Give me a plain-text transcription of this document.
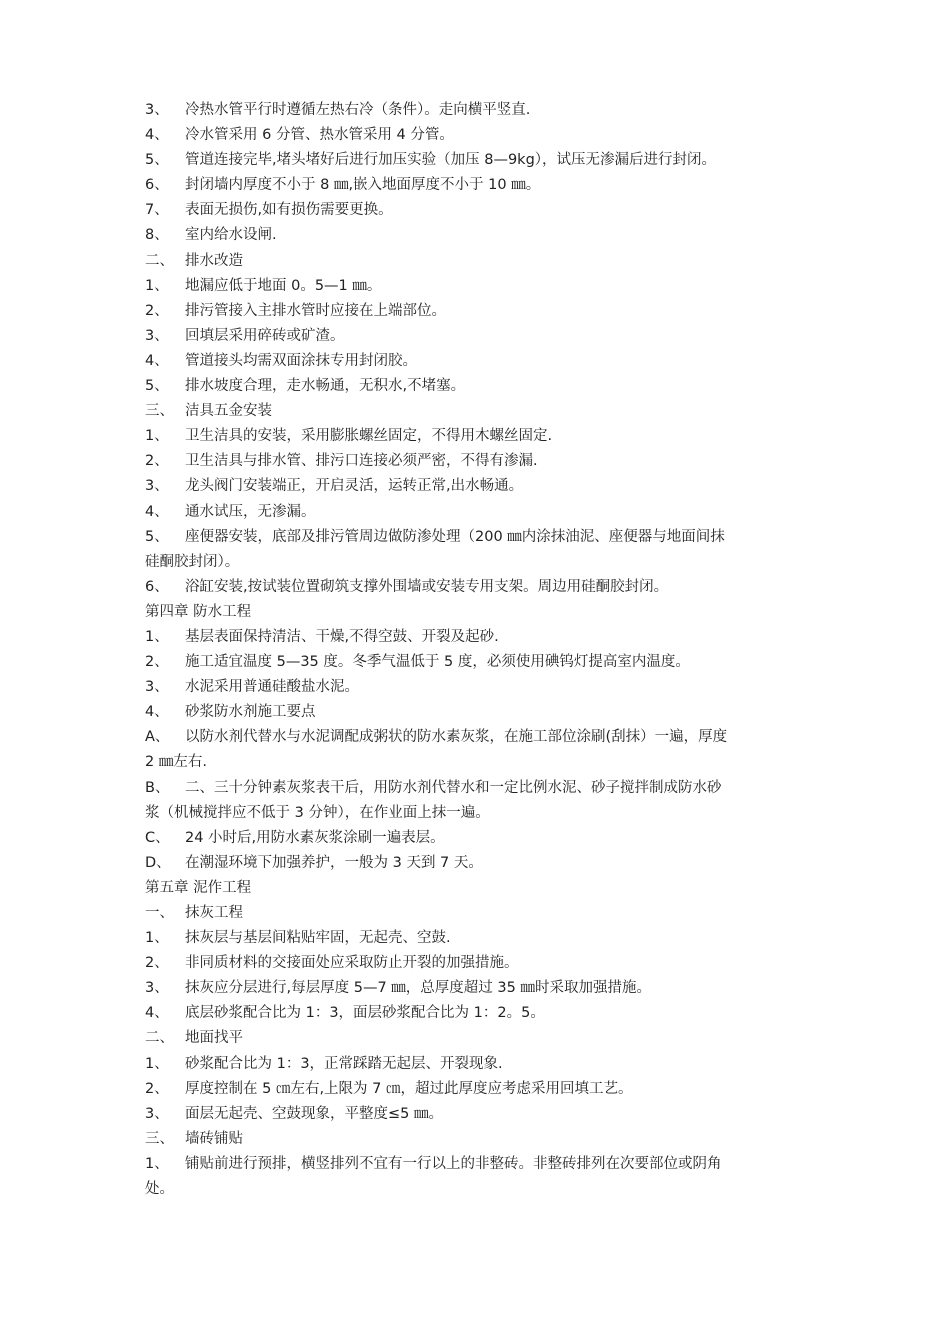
3、	冷热水管平行时遵循左热右冷（条件）。走向横平竖直.
4、	冷水管采用 6 分管、热水管采用 4 分管。
5、	管道连接完毕,堵头堵好后进行加压实验（加压 8—9kg），试压无渗漏后进行封闭。
6、	封闭墙内厚度不小于 8 ㎜,嵌入地面厚度不小于 10 ㎜。
7、	表面无损伤,如有损伤需要更换。
8、	室内给水设闸.
二、 排水改造
1、	地漏应低于地面 0。5—1 ㎜。
2、	排污管接入主排水管时应接在上端部位。
3、	回填层采用碎砖或矿渣。
4、	管道接头均需双面涂抹专用封闭胶。
5、	排水坡度合理，走水畅通，无积水,不堵塞。
三、 洁具五金安装
1、	卫生洁具的安装，采用膨胀螺丝固定，不得用木螺丝固定.
2、	卫生洁具与排水管、排污口连接必须严密，不得有渗漏.
3、	龙头阀门安装端正，开启灵活，运转正常,出水畅通。
4、	通水试压，无渗漏。
5、	座便器安装，底部及排污管周边做防渗处理（200 ㎜内涂抹油泥、座便器与地面间抹
硅酮胶封闭）。
6、	浴缸安装,按试装位置砌筑支撑外围墙或安装专用支架。周边用硅酮胶封闭。
第四章 防水工程
1、	基层表面保持清洁、干燥,不得空鼓、开裂及起砂.
2、	施工适宜温度 5—35 度。冬季气温低于 5 度，必须使用碘钨灯提高室内温度。
3、	水泥采用普通硅酸盐水泥。
4、	砂浆防水剂施工要点
A、	以防水剂代替水与水泥调配成粥状的防水素灰浆，在施工部位涂刷(刮抹）一遍，厚度
2 ㎜左右.
B、	二、三十分钟素灰浆表干后，用防水剂代替水和一定比例水泥、砂子搅拌制成防水砂
浆（机械搅拌应不低于 3 分钟），在作业面上抹一遍。
C、	24 小时后,用防水素灰浆涂刷一遍表层。
D、 在潮湿环境下加强养护，一般为 3 天到 7 天。
第五章 泥作工程
一、 抹灰工程
1、	抹灰层与基层间粘贴牢固，无起壳、空鼓.
2、	非同质材料的交接面处应采取防止开裂的加强措施。
3、	抹灰应分层进行,每层厚度 5—7 ㎜，总厚度超过 35 ㎜时采取加强措施。
4、	底层砂浆配合比为 1：3，面层砂浆配合比为 1：2。5。
二、 地面找平
1、	砂浆配合比为 1：3，正常踩踏无起层、开裂现象.
2、	厚度控制在 5 ㎝左右,上限为 7 ㎝，超过此厚度应考虑采用回填工艺。
3、	面层无起壳、空鼓现象，平整度≤5 ㎜。
三、 墙砖铺贴
1、	铺贴前进行预排，横竖排列不宜有一行以上的非整砖。非整砖排列在次要部位或阴角
处。
